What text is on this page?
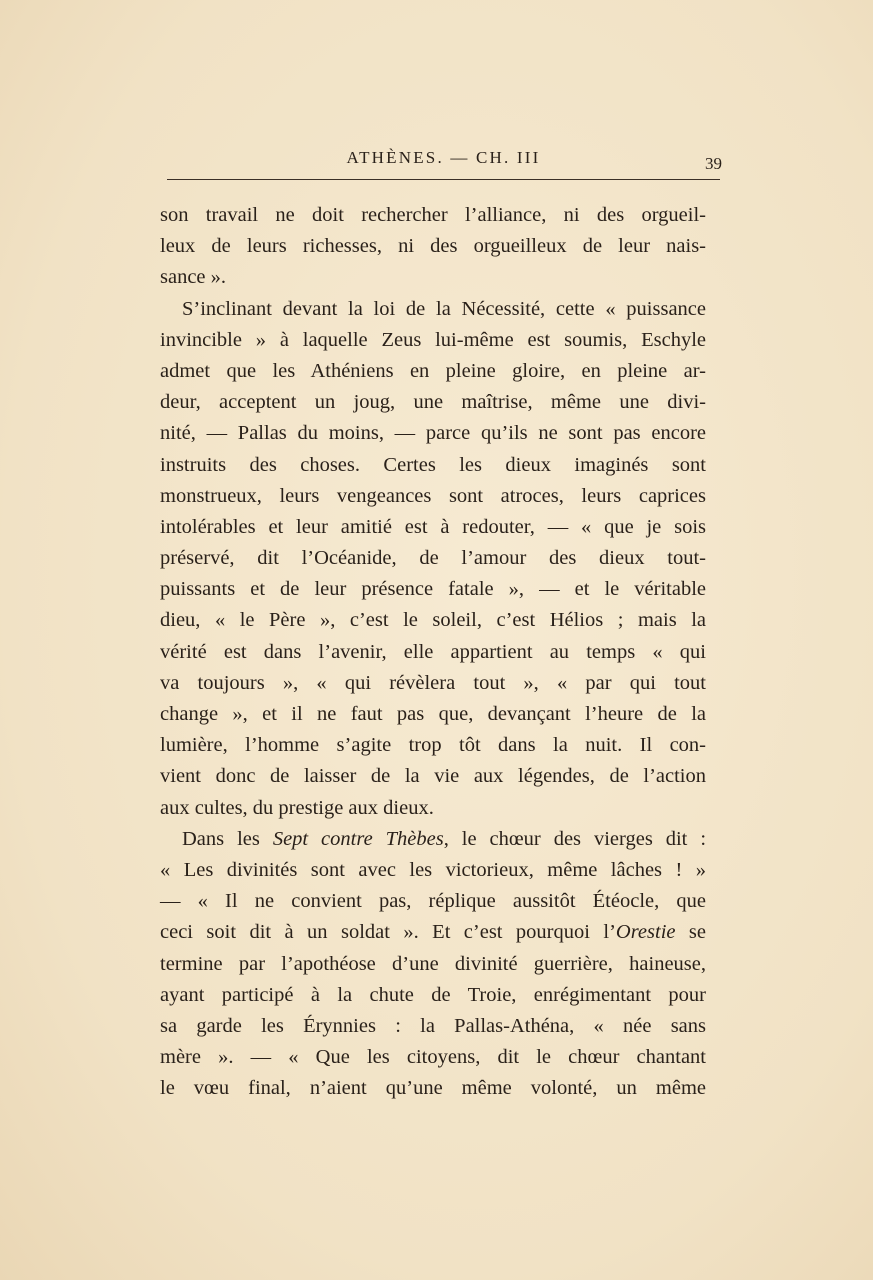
ATHÈNES. — CH. III	39
son travail ne doit rechercher l’alliance, ni des orgueil-
leux de leurs richesses, ni des orgueilleux de leur nais-
sance ».
S’inclinant devant la loi de la Nécessité, cette « puissance
invincible » à laquelle Zeus lui-même est soumis, Eschyle
admet que les Athéniens en pleine gloire, en pleine ar-
deur, acceptent un joug, une maîtrise, même une divi-
nité, — Pallas du moins, — parce qu’ils ne sont pas encore
instruits des choses. Certes les dieux imaginés sont
monstrueux, leurs vengeances sont atroces, leurs caprices
intolérables et leur amitié est à redouter, — « que je sois
préservé, dit l’Océanide, de l’amour des dieux tout-
puissants et de leur présence fatale », — et le véritable
dieu, « le Père », c’est le soleil, c’est Hélios ; mais la
vérité est dans l’avenir, elle appartient au temps « qui
va toujours », « qui révèlera tout », « par qui tout
change », et il ne faut pas que, devançant l’heure de la
lumière, l’homme s’agite trop tôt dans la nuit. Il con-
vient donc de laisser de la vie aux légendes, de l’action
aux cultes, du prestige aux dieux.
Dans les Sept contre Thèbes, le chœur des vierges dit :
« Les divinités sont avec les victorieux, même lâches ! »
— « Il ne convient pas, réplique aussitôt Étéocle, que
ceci soit dit à un soldat ». Et c’est pourquoi l’Orestie se
termine par l’apothéose d’une divinité guerrière, haineuse,
ayant participé à la chute de Troie, enrégimentant pour
sa garde les Érynnies : la Pallas-Athéna, « née sans
mère ». — « Que les citoyens, dit le chœur chantant
le vœu final, n’aient qu’une même volonté, un même
